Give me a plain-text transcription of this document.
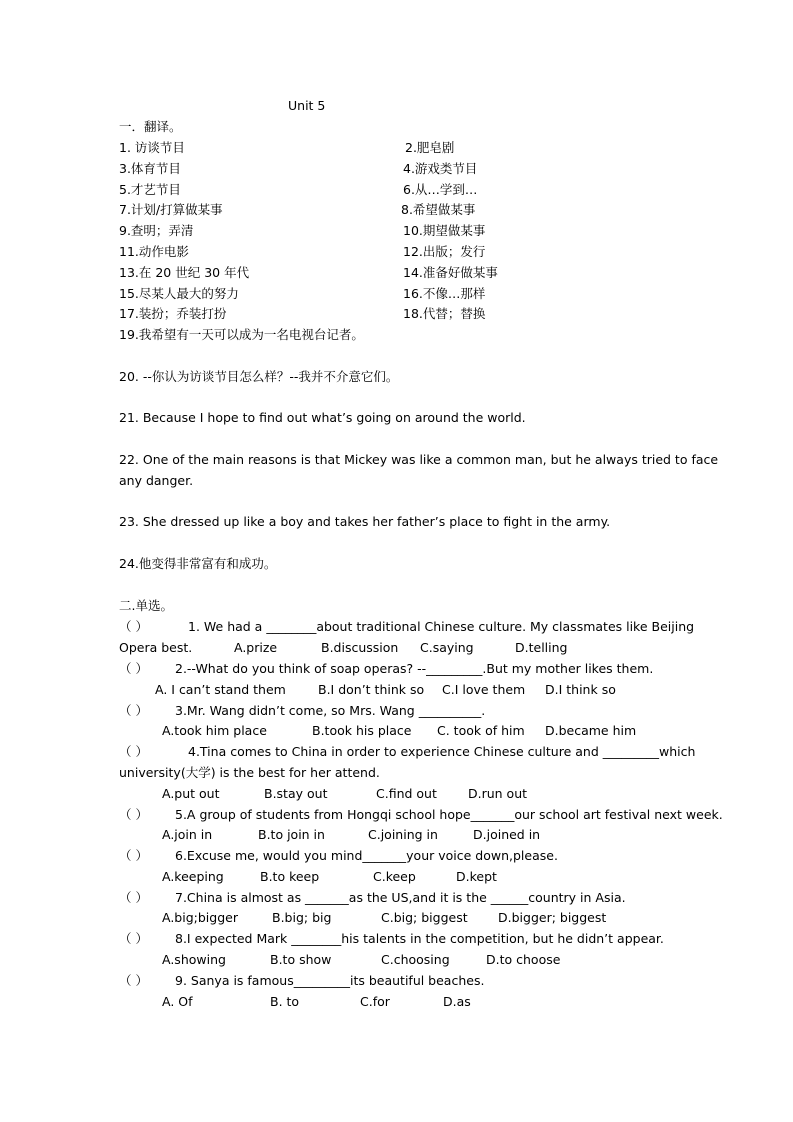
Unit 5
一．翻译。
1. 访谈节目	2.肥皂剧
3.体育节目	4.游戏类节目
5.才艺节目	6.从…学到…
7.计划/打算做某事	8.希望做某事
9.查明；弄清	10.期望做某事
11.动作电影	12.出版；发行
13.在 20 世纪 30 年代	14.准备好做某事
15.尽某人最大的努力	16.不像…那样
17.装扮；乔装打扮	18.代替；替换
19.我希望有一天可以成为一名电视台记者。
20. --你认为访谈节目怎么样？--我并不介意它们。
21. Because I hope to find out what’s going on around the world.
22. One of the main reasons is that Mickey was like a common man, but he always tried to face
any danger.
23. She dressed up like a boy and takes her father’s place to fight in the army.
24.他变得非常富有和成功。
二.单选。
（ ）	1. We had a ________about traditional Chinese culture. My classmates like Beijing
Opera best.	A.prize	B.discussion C.saying	D.telling
（ ） 2.--What do you think of soap operas? --_________.But my mother likes them.
A. I can’t stand them	B.I don’t think so C.I love them D.I think so
（ ） 3.Mr. Wang didn’t come, so Mrs. Wang __________.
A.took him place	B.took his place C. took of him D.became him
（ ）	4.Tina comes to China in order to experience Chinese culture and _________which
university(大学) is the best for her attend.
A.put out	B.stay out	C.find out D.run out
（ ） 5.A group of students from Hongqi school hope_______our school art festival next week.
A.join in	B.to join in	C.joining in	D.joined in
（ ） 6.Excuse me, would you mind_______your voice down,please.
A.keeping	B.to keep	C.keep	D.kept
（ ） 7.China is almost as _______as the US,and it is the ______country in Asia.
A.big;bigger	B.big; big	C.big; biggest D.bigger; biggest
（ ） 8.I expected Mark ________his talents in the competition, but he didn’t appear.
A.showing	B.to show	C.choosing	D.to choose
（ ） 9. Sanya is famous_________its beautiful beaches.
A. Of	B. to	C.for	D.as
